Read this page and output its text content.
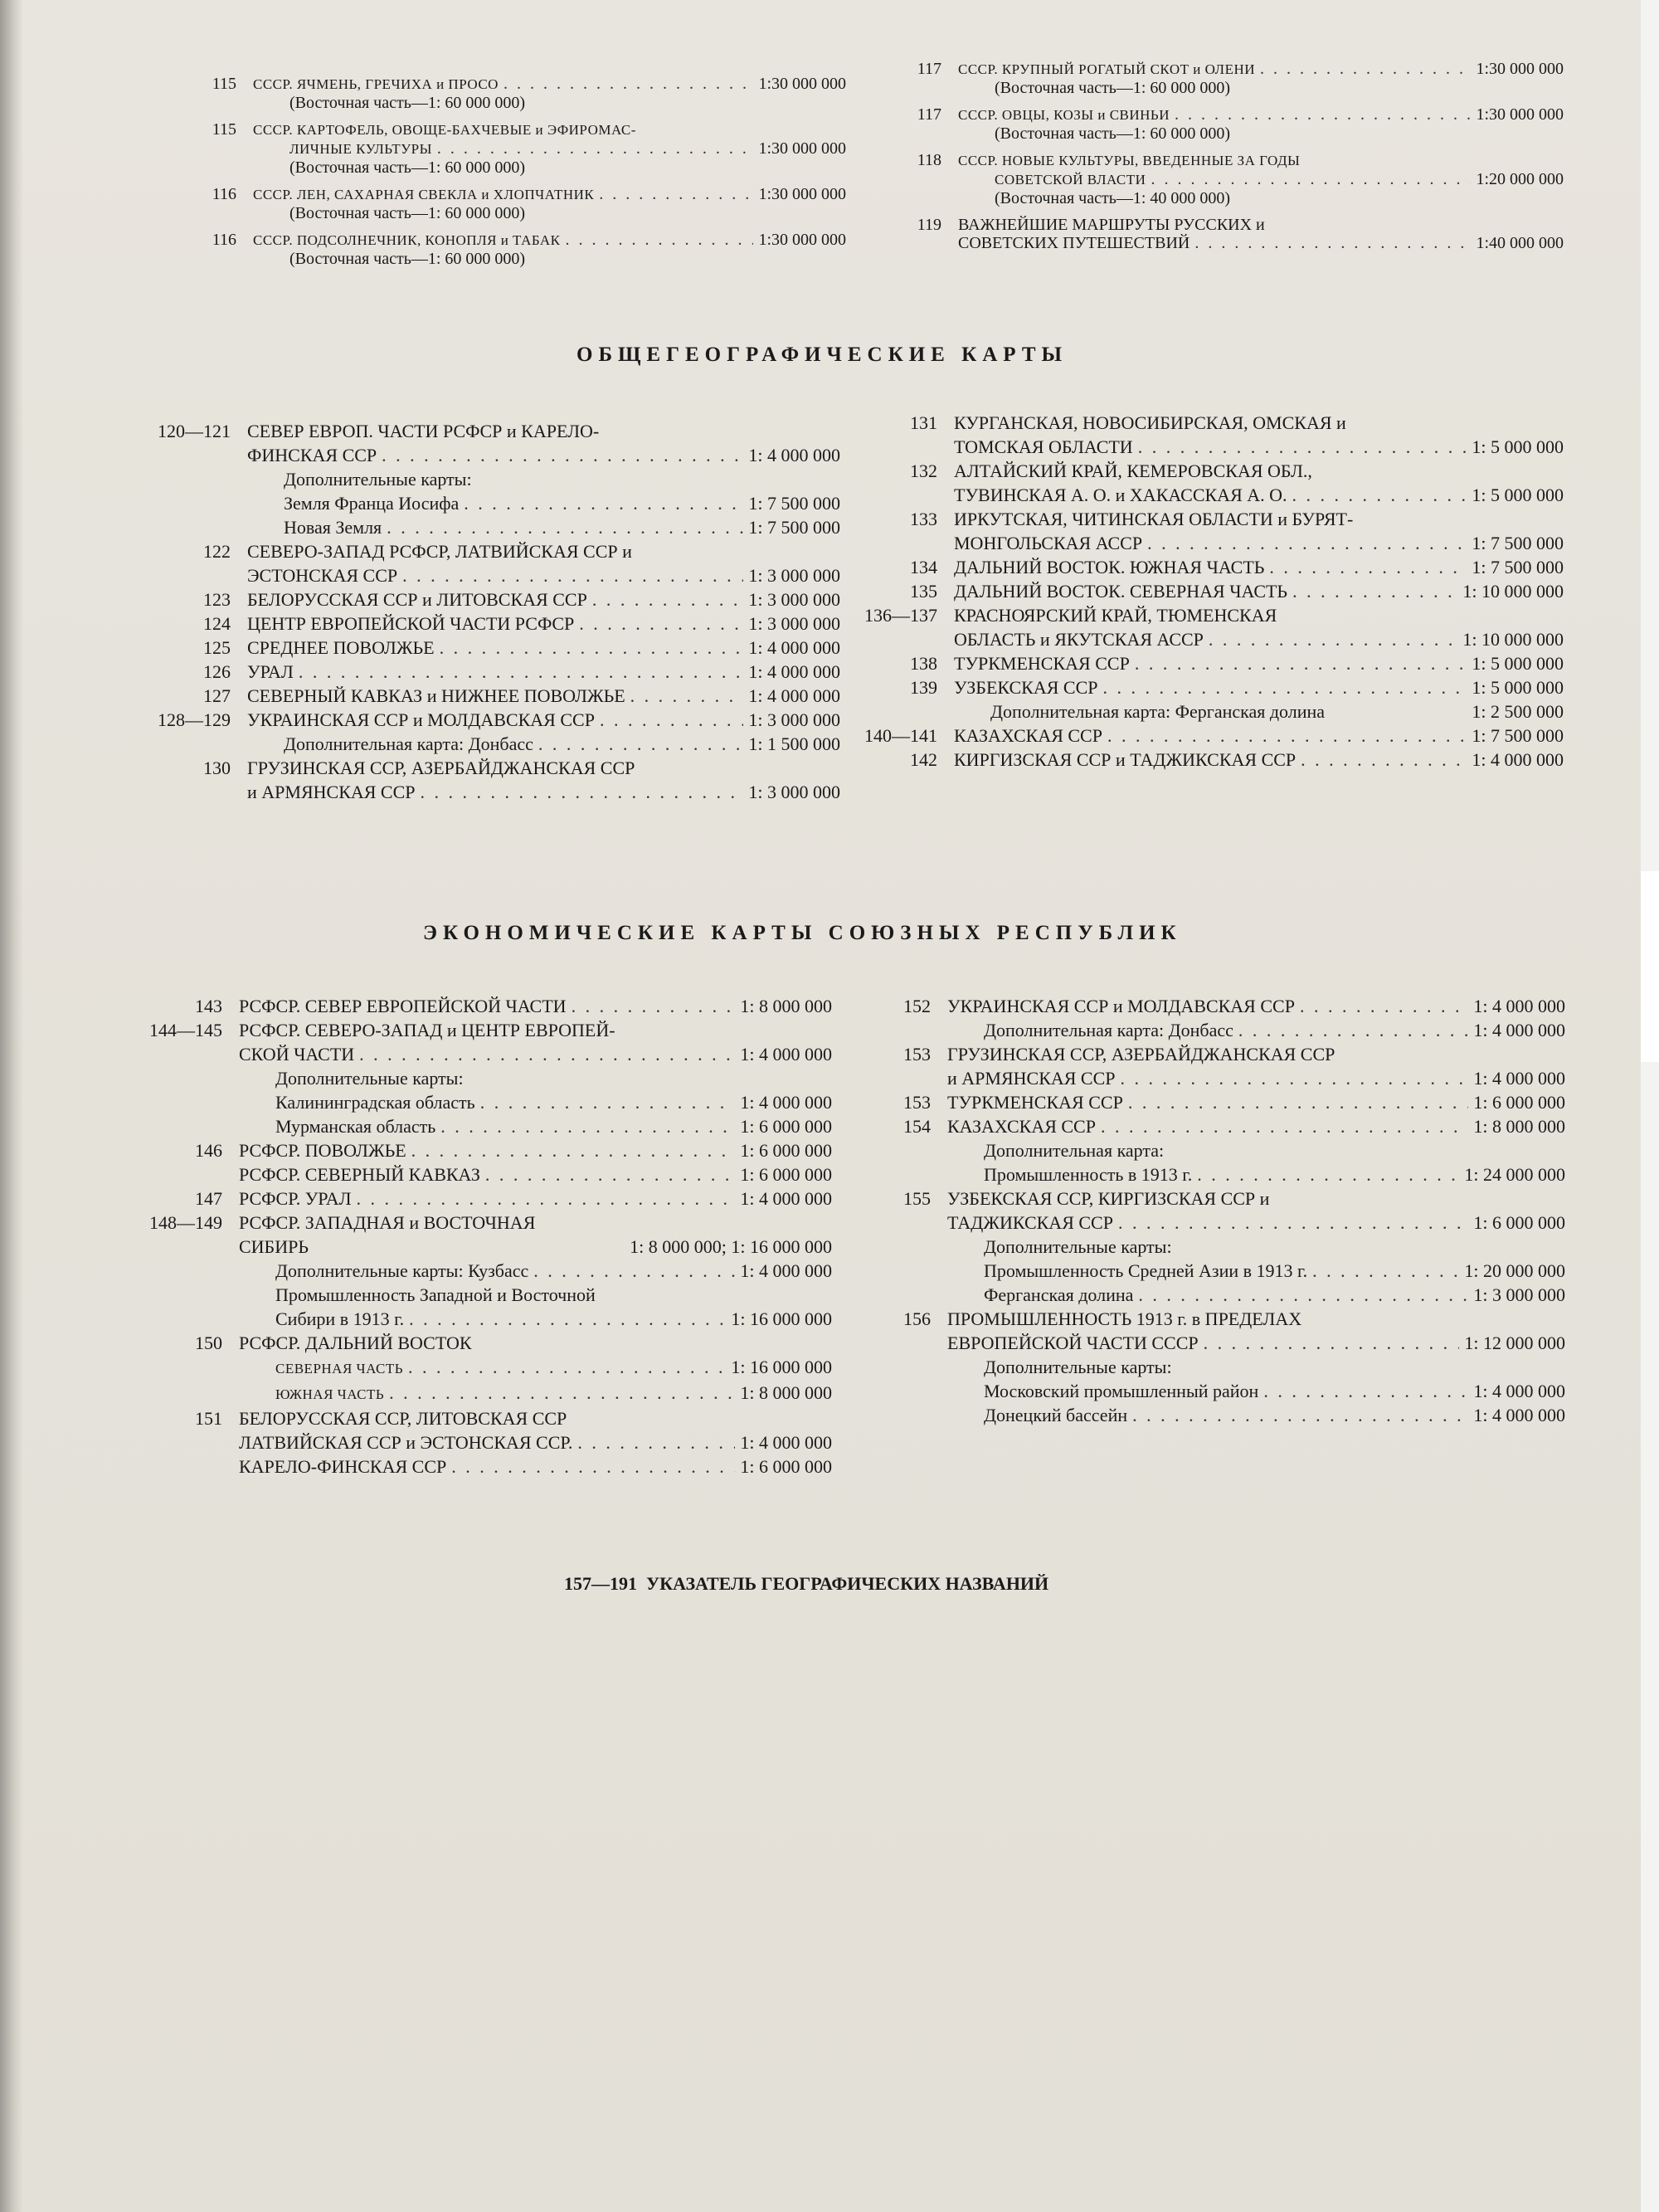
115 СССР. ЯЧМЕНЬ, ГРЕЧИХА и ПРОСО . . .	1:30 000 000
(Восточная часть—1: 60 000 000)
115 СССР. КАРТОФЕЛЬ, ОВОЩЕ-БАХЧЕВЫЕ и ЭФИРОМАС-
ЛИЧНЫЕ КУЛЬТУРЫ . . .	1:30 000 000
(Восточная часть—1: 60 000 000)
116 СССР. ЛЕН, САХАРНАЯ СВЕКЛА и ХЛОПЧАТНИК . . .	1:30 000 000
(Восточная часть—1: 60 000 000)
116 СССР. ПОДСОЛНЕЧНИК, КОНОПЛЯ и ТАБАК . . .	1:30 000 000
(Восточная часть—1: 60 000 000)
117 СССР. КРУПНЫЙ РОГАТЫЙ СКОТ и ОЛЕНИ . . .	1:30 000 000
(Восточная часть—1: 60 000 000)
117 СССР. ОВЦЫ, КОЗЫ и СВИНЬИ . . .	1:30 000 000
(Восточная часть—1: 60 000 000)
118 СССР. НОВЫЕ КУЛЬТУРЫ, ВВЕДЕННЫЕ ЗА ГОДЫ
СОВЕТСКОЙ ВЛАСТИ . . .	1:20 000 000
(Восточная часть—1: 40 000 000)
119 ВАЖНЕЙШИЕ МАРШРУТЫ РУССКИХ и
СОВЕТСКИХ ПУТЕШЕСТВИЙ . . .	1:40 000 000
ОБЩЕГЕОГРАФИЧЕСКИЕ КАРТЫ
120—121 СЕВЕР ЕВРОП. ЧАСТИ РСФСР и КАРЕЛО-
ФИНСКАЯ ССР . . .	1: 4 000 000
Дополнительные карты:
Земля Франца Иосифа . . .	1: 7 500 000
Новая Земля . . .	1: 7 500 000
122 СЕВЕРО-ЗАПАД РСФСР, ЛАТВИЙСКАЯ ССР и
ЭСТОНСКАЯ ССР . . .	1: 3 000 000
123 БЕЛОРУССКАЯ ССР и ЛИТОВСКАЯ ССР . . .	1: 3 000 000
124 ЦЕНТР ЕВРОПЕЙСКОЙ ЧАСТИ РСФСР . . .	1: 3 000 000
125 СРЕДНЕЕ ПОВОЛЖЬЕ . . .	1: 4 000 000
126 УРАЛ . . .	1: 4 000 000
127 СЕВЕРНЫЙ КАВКАЗ и НИЖНЕЕ ПОВОЛЖЬЕ . . .	1: 4 000 000
128—129 УКРАИНСКАЯ ССР и МОЛДАВСКАЯ ССР . . .	1: 3 000 000
Дополнительная карта: Донбасс . . .	1: 1 500 000
130 ГРУЗИНСКАЯ ССР, АЗЕРБАЙДЖАНСКАЯ ССР
и АРМЯНСКАЯ ССР . . .	1: 3 000 000
131 КУРГАНСКАЯ, НОВОСИБИРСКАЯ, ОМСКАЯ и
ТОМСКАЯ ОБЛАСТИ . . .	1: 5 000 000
132 АЛТАЙСКИЙ КРАЙ, КЕМЕРОВСКАЯ ОБЛ.,
ТУВИНСКАЯ А. О. и ХАКАССКАЯ А. О. . . .	1: 5 000 000
133 ИРКУТСКАЯ, ЧИТИНСКАЯ ОБЛАСТИ и БУРЯТ-
МОНГОЛЬСКАЯ АССР . . .	1: 7 500 000
134 ДАЛЬНИЙ ВОСТОК. ЮЖНАЯ ЧАСТЬ . . .	1: 7 500 000
135 ДАЛЬНИЙ ВОСТОК. СЕВЕРНАЯ ЧАСТЬ . . .	1: 10 000 000
136—137 КРАСНОЯРСКИЙ КРАЙ, ТЮМЕНСКАЯ
ОБЛАСТЬ и ЯКУТСКАЯ АССР . . .	1: 10 000 000
138 ТУРКМЕНСКАЯ ССР . . .	1: 5 000 000
139 УЗБЕКСКАЯ ССР . . .	1: 5 000 000
Дополнительная карта: Ферганская долина	1: 2 500 000
140—141 КАЗАХСКАЯ ССР . . .	1: 7 500 000
142 КИРГИЗСКАЯ ССР и ТАДЖИКСКАЯ ССР . . .	1: 4 000 000
ЭКОНОМИЧЕСКИЕ КАРТЫ СОЮЗНЫХ РЕСПУБЛИК
143 РСФСР. СЕВЕР ЕВРОПЕЙСКОЙ ЧАСТИ . . .	1: 8 000 000
144—145 РСФСР. СЕВЕРО-ЗАПАД и ЦЕНТР ЕВРОПЕЙ-
СКОЙ ЧАСТИ . . .	1: 4 000 000
Дополнительные карты:
Калининградская область . . .	1: 4 000 000
Мурманская область . . .	1: 6 000 000
146 РСФСР. ПОВОЛЖЬЕ . . .	1: 6 000 000
РСФСР. СЕВЕРНЫЙ КАВКАЗ . . .	1: 6 000 000
147 РСФСР. УРАЛ . . .	1: 4 000 000
148—149 РСФСР. ЗАПАДНАЯ и ВОСТОЧНАЯ
СИБИРЬ	1: 8 000 000; 1: 16 000 000
Дополнительные карты: Кузбасс . . .	1: 4 000 000
Промышленность Западной и Восточной
Сибири в 1913 г. . . .	1: 16 000 000
150 РСФСР. ДАЛЬНИЙ ВОСТОК
СЕВЕРНАЯ ЧАСТЬ . . .	1: 16 000 000
ЮЖНАЯ ЧАСТЬ . . .	1: 8 000 000
151 БЕЛОРУССКАЯ ССР, ЛИТОВСКАЯ ССР
ЛАТВИЙСКАЯ ССР и ЭСТОНСКАЯ ССР. . . .	1: 4 000 000
КАРЕЛО-ФИНСКАЯ ССР . . .	1: 6 000 000
152 УКРАИНСКАЯ ССР и МОЛДАВСКАЯ ССР . . .	1: 4 000 000
Дополнительная карта: Донбасс . . .	1: 4 000 000
153 ГРУЗИНСКАЯ ССР, АЗЕРБАЙДЖАНСКАЯ ССР
и АРМЯНСКАЯ ССР . . .	1: 4 000 000
153 ТУРКМЕНСКАЯ ССР . . .	1: 6 000 000
154 КАЗАХСКАЯ ССР . . .	1: 8 000 000
Дополнительная карта:
Промышленность в 1913 г. . . .	1: 24 000 000
155 УЗБЕКСКАЯ ССР, КИРГИЗСКАЯ ССР и
ТАДЖИКСКАЯ ССР . . .	1: 6 000 000
Дополнительные карты:
Промышленность Средней Азии в 1913 г. . . .	1: 20 000 000
Ферганская долина . . .	1: 3 000 000
156 ПРОМЫШЛЕННОСТЬ 1913 г. в ПРЕДЕЛАХ
ЕВРОПЕЙСКОЙ ЧАСТИ СССР . . .	1: 12 000 000
Дополнительные карты:
Московский промышленный район . . .	1: 4 000 000
Донецкий бассейн . . .	1: 4 000 000
157—191 УКАЗАТЕЛЬ ГЕОГРАФИЧЕСКИХ НАЗВАНИЙ
